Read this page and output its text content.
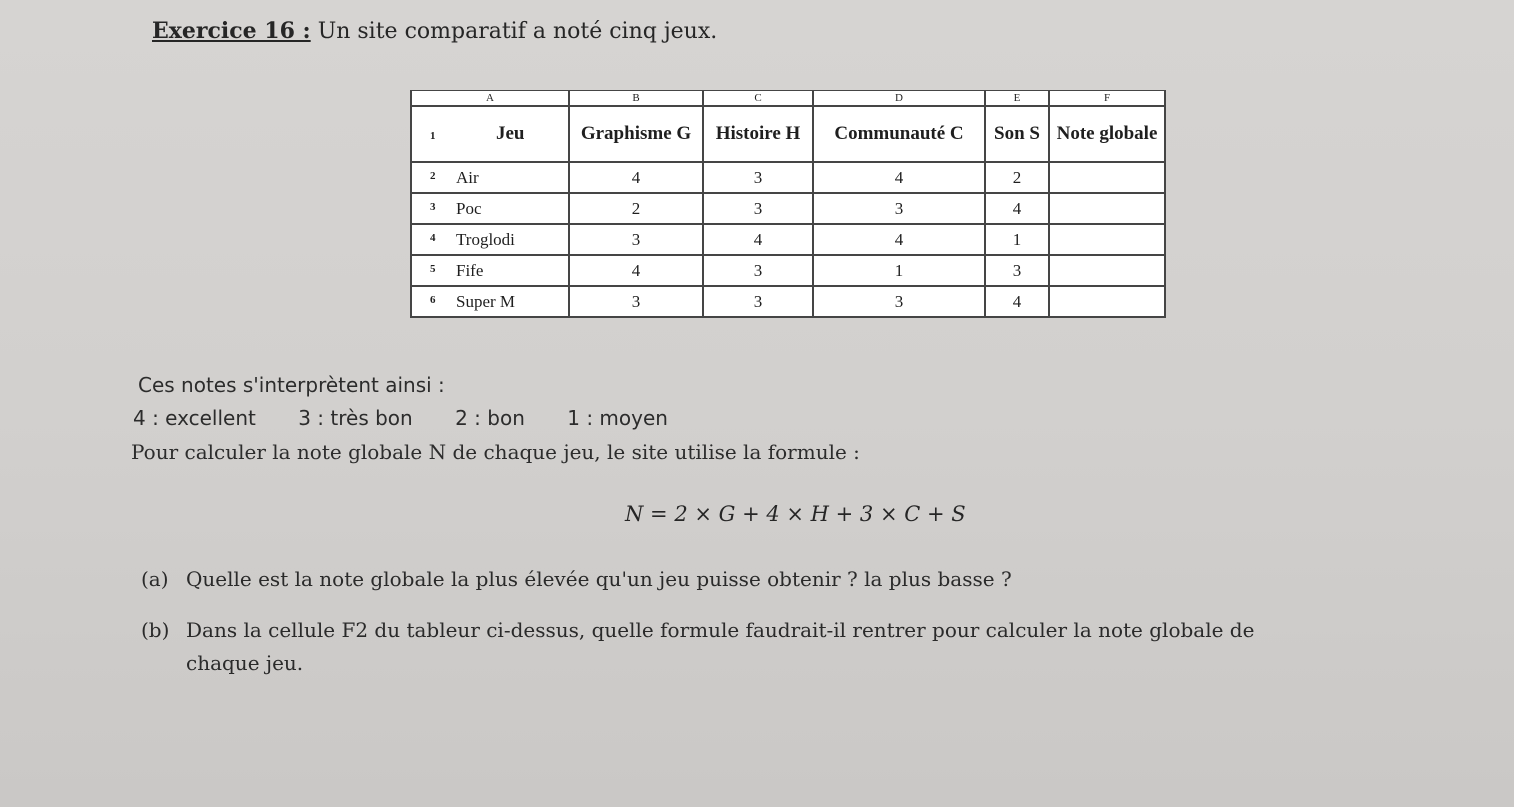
Exercice 16 : Un site comparatif a noté cinq jeux.
A	B	C	D	E	F

1 Jeu	Graphisme G	Histoire H	Communauté C	Son S	Note globale

2 Air	4	3	4	2	

3 Poc	2	3	3	4	

4 Troglodi	3	4	4	1	

5 Fife	4	3	1	3	

6 Super M	3	3	3	4	
Ces notes s'interprètent ainsi :
4 : excellent 3 : très bon 2 : bon 1 : moyen
Pour calculer la note globale N de chaque jeu, le site utilise la formule :
N = 2 × G + 4 × H + 3 × C + S
(a) Quelle est la note globale la plus élevée qu'un jeu puisse obtenir ? la plus basse ?
(b) Dans la cellule F2 du tableur ci-dessus, quelle formule faudrait-il rentrer pour calculer la note globale de
chaque jeu.
